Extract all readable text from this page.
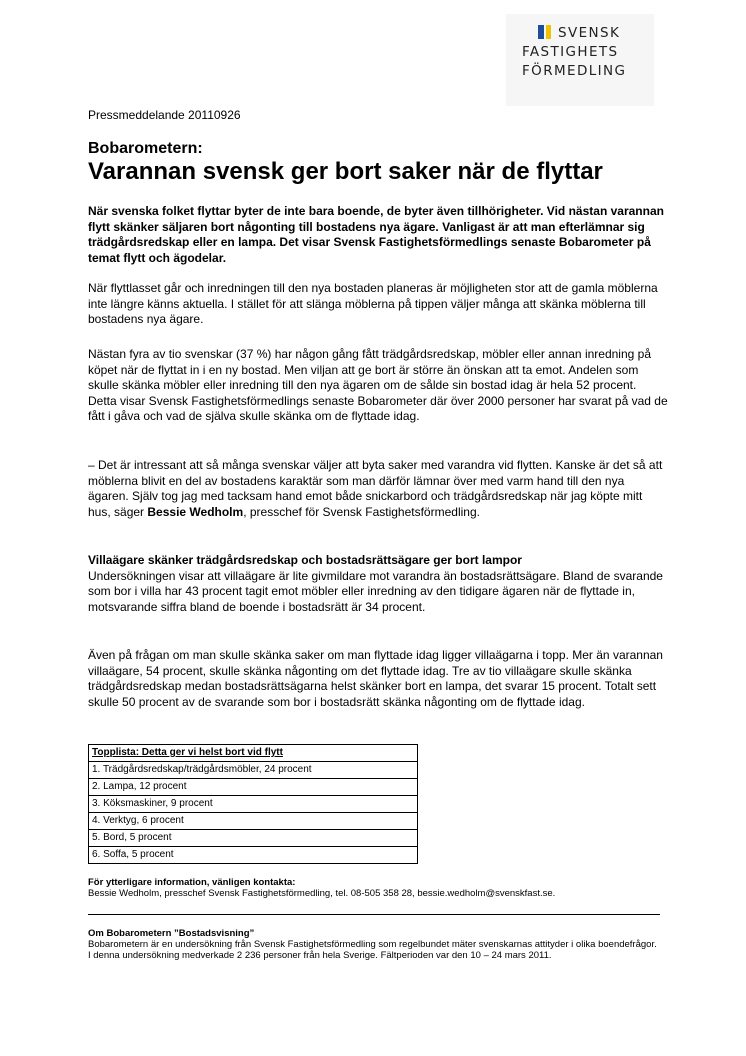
SVENSK
FASTIGHETS
FÖRMEDLING
Pressmeddelande 20110926
Bobarometern:
Varannan svensk ger bort saker när de flyttar

När svenska folket flyttar byter de inte bara boende, de byter även tillhörigheter. Vid nästan varannan flytt skänker säljaren bort någonting till bostadens nya ägare. Vanligast är att man efterlämnar sig trädgårdsredskap eller en lampa. Det visar Svensk Fastighetsförmedlings senaste Bobarometer på temat flytt och ägodelar.

När flyttlasset går och inredningen till den nya bostaden planeras är möjligheten stor att de gamla möblerna inte längre känns aktuella. I stället för att slänga möblerna på tippen väljer många att skänka möblerna till bostadens nya ägare.

Nästan fyra av tio svenskar (37 %) har någon gång fått trädgårdsredskap, möbler eller annan inredning på köpet när de flyttat in i en ny bostad. Men viljan att ge bort är större än önskan att ta emot. Andelen som skulle skänka möbler eller inredning till den nya ägaren om de sålde sin bostad idag är hela 52 procent. Detta visar Svensk Fastighetsförmedlings senaste Bobarometer där över 2000 personer har svarat på vad de fått i gåva och vad de själva skulle skänka om de flyttade idag.

– Det är intressant att så många svenskar väljer att byta saker med varandra vid flytten. Kanske är det så att möblerna blivit en del av bostadens karaktär som man därför lämnar över med varm hand till den nya ägaren. Själv tog jag med tacksam hand emot både snickarbord och trädgårdsredskap när jag köpte mitt hus, säger Bessie Wedholm, presschef för Svensk Fastighetsförmedling.

Villaägare skänker trädgårdsredskap och bostadsrättsägare ger bort lampor
Undersökningen visar att villaägare är lite givmildare mot varandra än bostadsrättsägare. Bland de svarande som bor i villa har 43 procent tagit emot möbler eller inredning av den tidigare ägaren när de flyttade in, motsvarande siffra bland de boende i bostadsrätt är 34 procent.

Även på frågan om man skulle skänka saker om man flyttade idag ligger villaägarna i topp. Mer än varannan villaägare, 54 procent, skulle skänka någonting om det flyttade idag. Tre av tio villaägare skulle skänka trädgårdsredskap medan bostadsrättsägarna helst skänker bort en lampa, det svarar 15 procent. Totalt sett skulle 50 procent av de svarande som bor i bostadsrätt skänka någonting om de flyttade idag.

Topplista: Detta ger vi helst bort vid flytt
1. Trädgårdsredskap/trädgårdsmöbler, 24 procent
2. Lampa, 12 procent
3. Köksmaskiner, 9 procent
4. Verktyg, 6 procent
5. Bord, 5 procent
6. Soffa, 5 procent
För ytterligare information, vänligen kontakta:
Bessie Wedholm, presschef Svensk Fastighetsförmedling, tel. 08-505 358 28, bessie.wedholm@svenskfast.se.
Om Bobarometern ”Bostadsvisning”
Bobarometern är en undersökning från Svensk Fastighetsförmedling som regelbundet mäter svenskarnas attityder i olika boendefrågor. I denna undersökning medverkade 2 236 personer från hela Sverige. Fältperioden var den 10 – 24 mars 2011.
